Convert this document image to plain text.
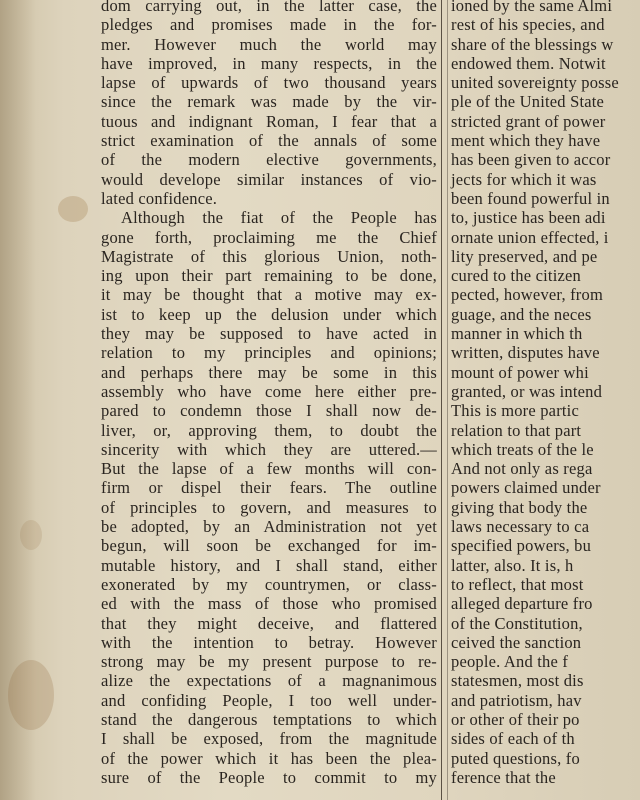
dom carrying out, in the latter case, the
pledges and promises made in the for-
mer. However much the world may
have improved, in many respects, in the
lapse of upwards of two thousand years
since the remark was made by the vir-
tuous and indignant Roman, I fear that a
strict examination of the annals of some
of the modern elective governments,
would develope similar instances of vio-
lated confidence.
Although the fiat of the People has
gone forth, proclaiming me the Chief
Magistrate of this glorious Union, noth-
ing upon their part remaining to be done,
it may be thought that a motive may ex-
ist to keep up the delusion under which
they may be supposed to have acted in
relation to my principles and opinions;
and perhaps there may be some in this
assembly who have come here either pre-
pared to condemn those I shall now de-
liver, or, approving them, to doubt the
sincerity with which they are uttered.—
But the lapse of a few months will con-
firm or dispel their fears. The outline
of principles to govern, and measures to
be adopted, by an Administration not yet
begun, will soon be exchanged for im-
mutable history, and I shall stand, either
exonerated by my countrymen, or class-
ed with the mass of those who promised
that they might deceive, and flattered
with the intention to betray. However
strong may be my present purpose to re-
alize the expectations of a magnanimous
and confiding People, I too well under-
stand the dangerous temptations to which
I shall be exposed, from the magnitude
of the power which it has been the plea-
sure of the People to commit to my
ioned by the same Almi
rest of his species, and
share of the blessings w
endowed them. Notwit
united sovereignty posse
ple of the United State
stricted grant of power
ment which they have
has been given to accor
jects for which it was
been found powerful in
to, justice has been adi
ornate union effected, i
lity preserved, and pe
cured to the citizen
pected, however, from
guage, and the neces
manner in which th
written, disputes have
mount of power whi
granted, or was intend
This is more partic
relation to that part
which treats of the le
And not only as rega
powers claimed under
giving that body the
laws necessary to ca
specified powers, bu
latter, also. It is, h
to reflect, that most
alleged departure fro
of the Constitution,
ceived the sanction
people. And the f
statesmen, most dis
and patriotism, hav
or other of their po
sides of each of th
puted questions, fo
ference that the
